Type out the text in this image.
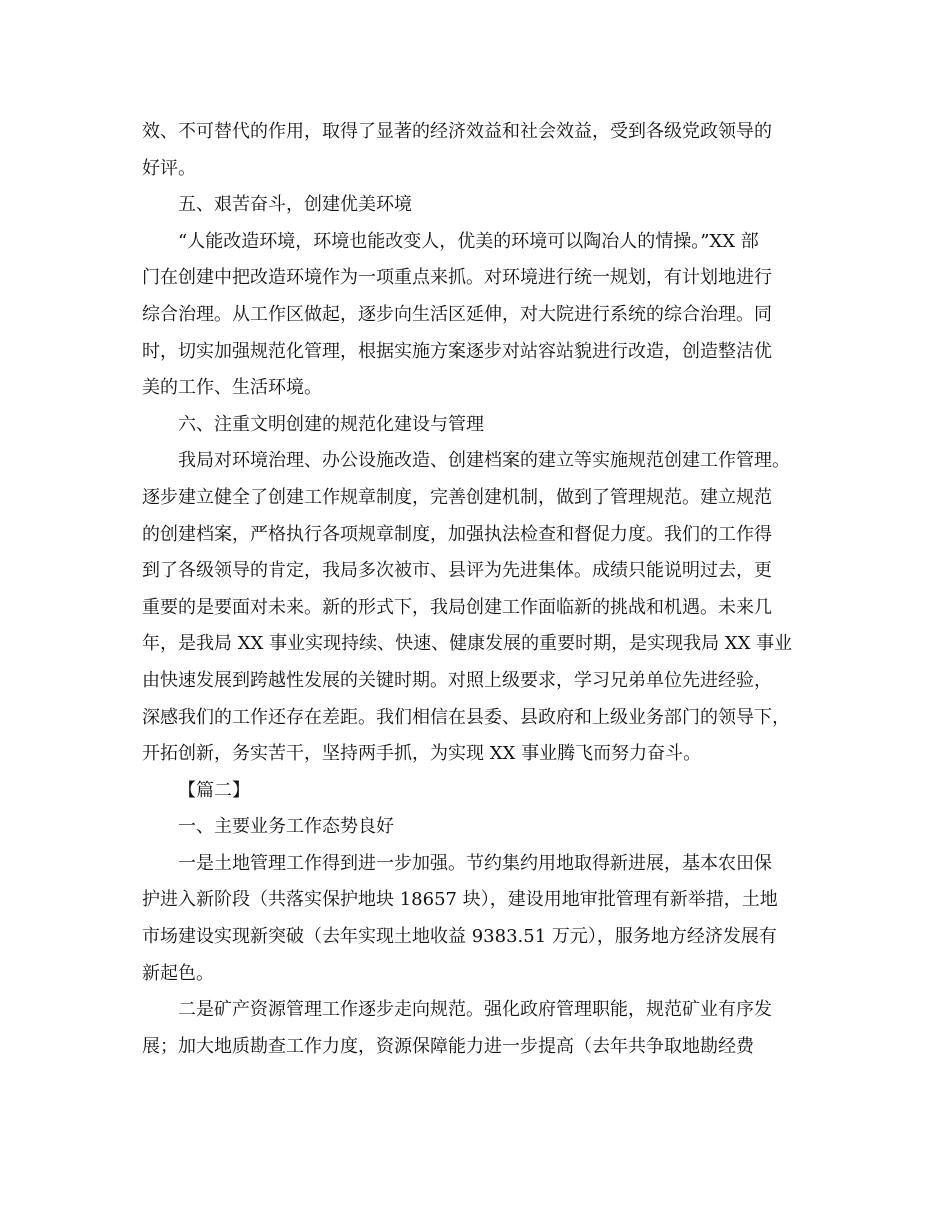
效、不可替代的作用，取得了显著的经济效益和社会效益，受到各级党政领导的
好评。
五、艰苦奋斗，创建优美环境
“人能改造环境，环境也能改变人，优美的环境可以陶冶人的情操。”XX 部
门在创建中把改造环境作为一项重点来抓。对环境进行统一规划，有计划地进行
综合治理。从工作区做起，逐步向生活区延伸，对大院进行系统的综合治理。同
时，切实加强规范化管理，根据实施方案逐步对站容站貌进行改造，创造整洁优
美的工作、生活环境。
六、注重文明创建的规范化建设与管理
我局对环境治理、办公设施改造、创建档案的建立等实施规范创建工作管理。
逐步建立健全了创建工作规章制度，完善创建机制，做到了管理规范。建立规范
的创建档案，严格执行各项规章制度，加强执法检查和督促力度。我们的工作得
到了各级领导的肯定，我局多次被市、县评为先进集体。成绩只能说明过去，更
重要的是要面对未来。新的形式下，我局创建工作面临新的挑战和机遇。未来几
年，是我局 XX 事业实现持续、快速、健康发展的重要时期，是实现我局 XX 事业
由快速发展到跨越性发展的关键时期。对照上级要求，学习兄弟单位先进经验，
深感我们的工作还存在差距。我们相信在县委、县政府和上级业务部门的领导下，
开拓创新，务实苦干，坚持两手抓，为实现 XX 事业腾飞而努力奋斗。
【篇二】
一、主要业务工作态势良好
一是土地管理工作得到进一步加强。节约集约用地取得新进展，基本农田保
护进入新阶段（共落实保护地块 18657 块），建设用地审批管理有新举措，土地
市场建设实现新突破（去年实现土地收益 9383.51 万元），服务地方经济发展有
新起色。
二是矿产资源管理工作逐步走向规范。强化政府管理职能，规范矿业有序发
展；加大地质勘查工作力度，资源保障能力进一步提高（去年共争取地勘经费
